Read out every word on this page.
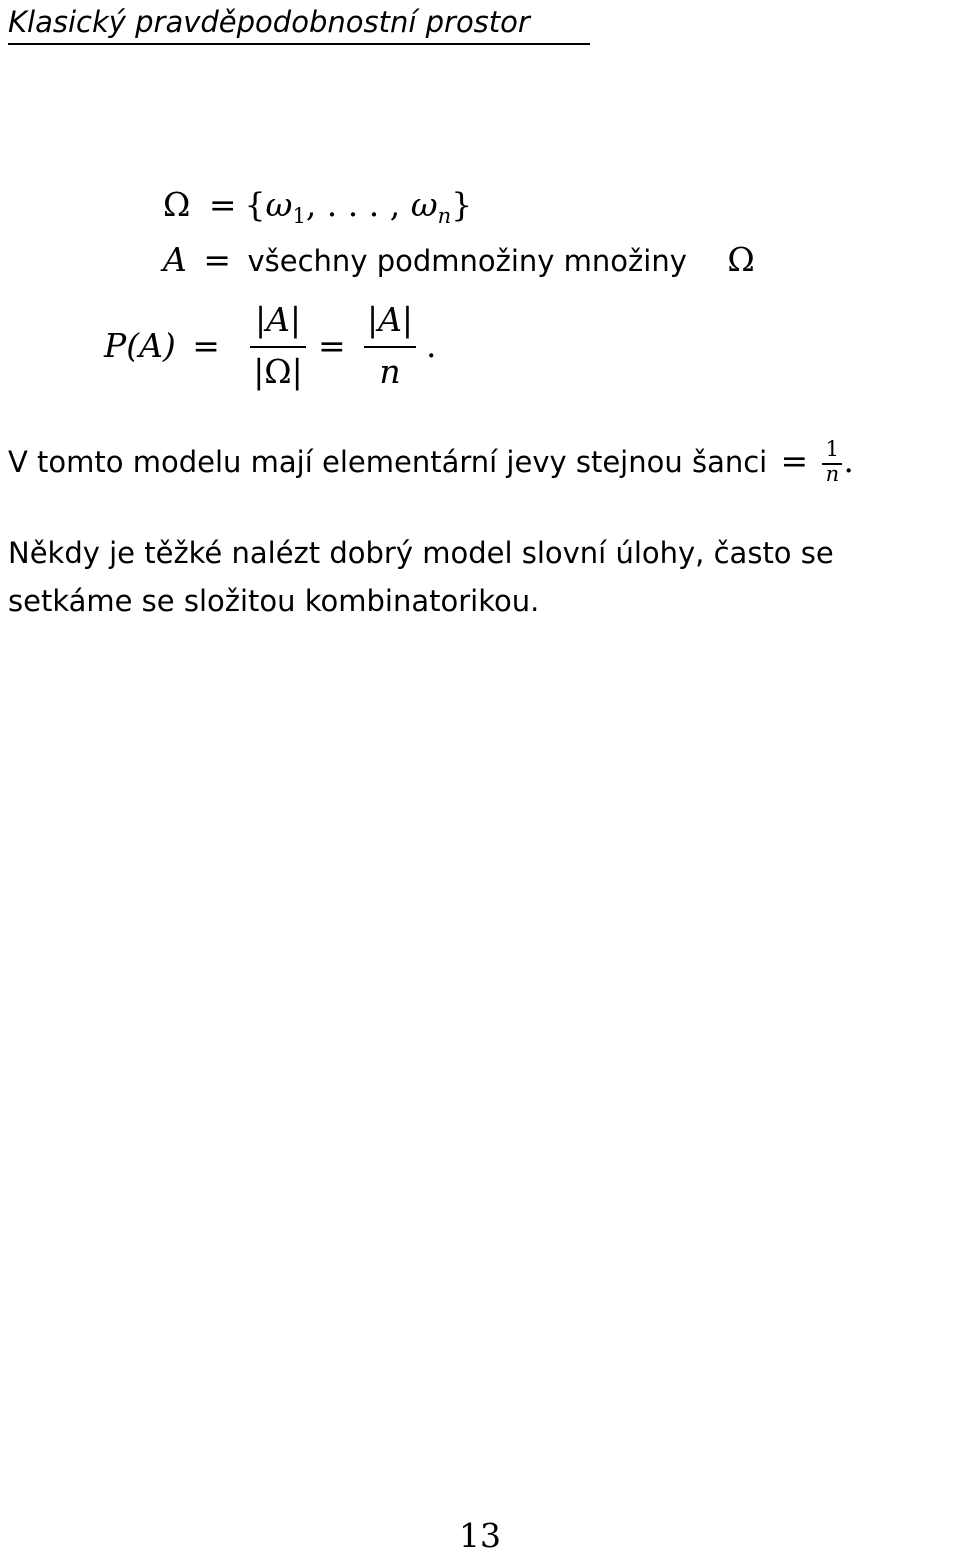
Klasický pravděpodobnostní prostor
$\Omega = \{\omega_1$, . . . , $\omega_n$}
A = všechny podmnožiny množiny Ω
P(A) =
|A|
|Ω|
=
|A|
n
.

V tomto modelu mají elementární jevy stejnou šanci = $\frac{1}{n}$ .

Někdy je těžké nalézt dobrý model slovní úlohy, často se

setkáme se složitou kombinatorikou.

13
